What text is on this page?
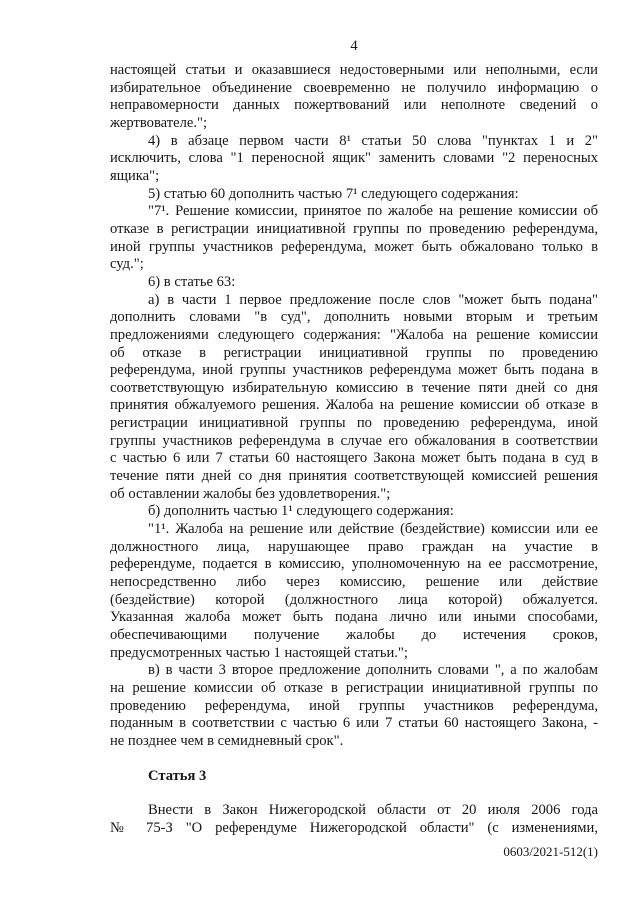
4
настоящей статьи и оказавшиеся недостоверными или неполными, если
избирательное объединение своевременно не получило информацию о
неправомерности данных пожертвований или неполноте сведений о
жертвователе.";
4) в абзаце первом части 8¹ статьи 50 слова "пунктах 1 и 2"
исключить, слова "1 переносной ящик" заменить словами "2 переносных
ящика";
5) статью 60 дополнить частью 7¹ следующего содержания:
"7¹. Решение комиссии, принятое по жалобе на решение комиссии об
отказе в регистрации инициативной группы по проведению референдума,
иной группы участников референдума, может быть обжаловано только в
суд.";
6) в статье 63:
а) в части 1 первое предложение после слов "может быть подана"
дополнить словами "в суд", дополнить новыми вторым и третьим
предложениями следующего содержания: "Жалоба на решение комиссии
об отказе в регистрации инициативной группы по проведению
референдума, иной группы участников референдума может быть подана в
соответствующую избирательную комиссию в течение пяти дней со дня
принятия обжалуемого решения. Жалоба на решение комиссии об отказе в
регистрации инициативной группы по проведению референдума, иной
группы участников референдума в случае его обжалования в соответствии
с частью 6 или 7 статьи 60 настоящего Закона может быть подана в суд в
течение пяти дней со дня принятия соответствующей комиссией решения
об оставлении жалобы без удовлетворения.";
б) дополнить частью 1¹ следующего содержания:
"1¹. Жалоба на решение или действие (бездействие) комиссии или ее
должностного лица, нарушающее право граждан на участие в
референдуме, подается в комиссию, уполномоченную на ее рассмотрение,
непосредственно либо через комиссию, решение или действие
(бездействие) которой (должностного лица которой) обжалуется.
Указанная жалоба может быть подана лично или иными способами,
обеспечивающими получение жалобы до истечения сроков,
предусмотренных частью 1 настоящей статьи.";
в) в части 3 второе предложение дополнить словами ", а по жалобам
на решение комиссии об отказе в регистрации инициативной группы по
проведению референдума, иной группы участников референдума,
поданным в соответствии с частью 6 или 7 статьи 60 настоящего Закона, -
не позднее чем в семидневный срок".
Статья 3
Внести в Закон Нижегородской области от 20 июля 2006 года
№ 75-З "О референдуме Нижегородской области" (с изменениями,
0603/2021-512(1)
